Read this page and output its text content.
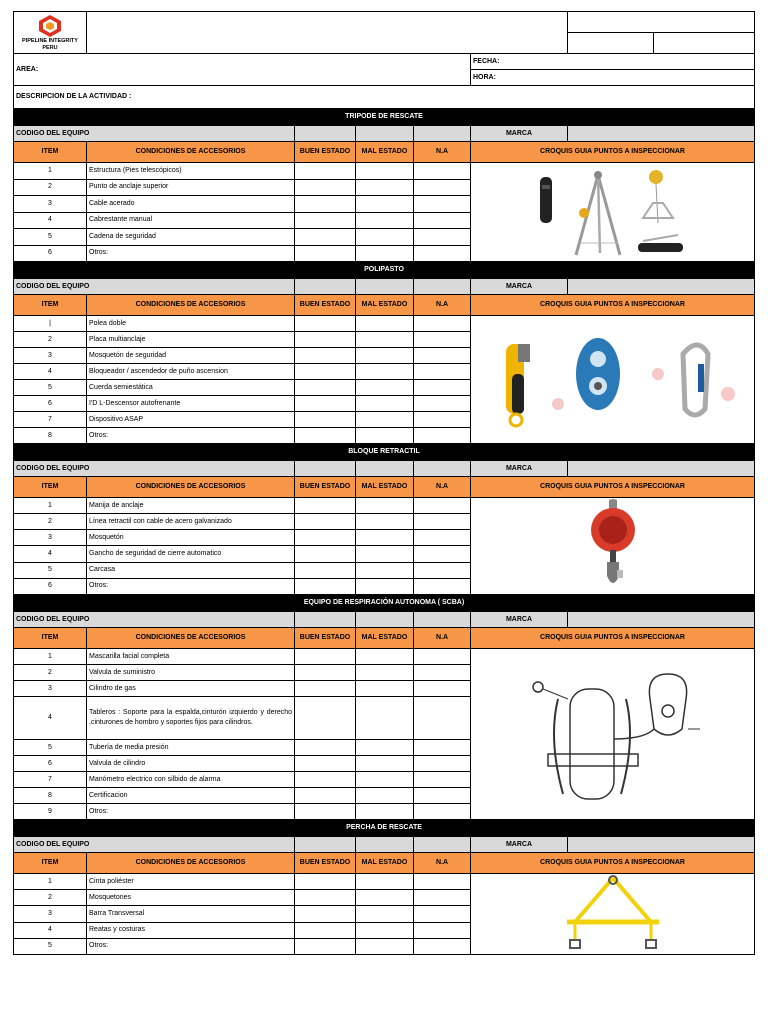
PIPELINE INTEGRITY PERU							

AREA:					FECHA:		
					HORA:		
DESCRIPCION DE LA ACTIVIDAD :							
TRIPODE DE RESCATE							
CODIGO DEL EQUIPO					MARCA		
ITEM	CONDICIONES DE ACCESORIOS	BUEN ESTADO	MAL ESTADO	N.A	CROQUIS GUIA PUNTOS A INSPECCIONAR		
1	Estructura (Pies telescópicos)				

2	Punto de anclaje superior						
3	Cable acerado						
4	Cabrestante manual						
5	Cadena de seguridad						
6	Otros:						
POLIPASTO							
CODIGO DEL EQUIPO					MARCA		
ITEM	CONDICIONES DE ACCESORIOS	BUEN ESTADO	MAL ESTADO	N.A	CROQUIS GUIA PUNTOS A INSPECCIONAR		
|	Polea doble				

2	Placa multianclaje						
3	Mosquetón de seguridad						
4	Bloqueador / ascendedor de puño ascension						
5	Cuerda semiestática						
6	I'D L-Descensor autofrenante						
7	Dispositivo ASAP						
8	Otros:						
BLOQUE RETRACTIL							
CODIGO DEL EQUIPO					MARCA		
ITEM	CONDICIONES DE ACCESORIOS	BUEN ESTADO	MAL ESTADO	N.A	CROQUIS GUIA PUNTOS A INSPECCIONAR		
1	Manija de anclaje				

2	Línea retractil con cable de acero galvanizado						
3	Mosquetón						
4	Gancho de seguridad de cierre automatico						
5	Carcasa						
6	Otros:						
EQUIPO DE RESPIRACIÓN AUTONOMA ( SCBA)							
CODIGO DEL EQUIPO					MARCA		
ITEM	CONDICIONES DE ACCESORIOS	BUEN ESTADO	MAL ESTADO	N.A	CROQUIS GUIA PUNTOS A INSPECCIONAR		
1	Mascarilla facial completa				

2	Valvula de suministro						
3	Cilindro de gas						
4	Tableros : Soporte para la espalda,cinturón izquierdo y derecho ,cinturones de hombro y soportes fijos para cilindros.						
5	Tubería de media presión						
6	Valvula de cilindro						
7	Manómetro electrico con silbido de alarma						
8	Certificacion						
9	Otros:						
PERCHA DE RESCATE							
CODIGO DEL EQUIPO					MARCA		
ITEM	CONDICIONES DE ACCESORIOS	BUEN ESTADO	MAL ESTADO	N.A	CROQUIS GUIA PUNTOS A INSPECCIONAR		
1	Cinta poliéster				

2	Mosquetones						
3	Barra Transversal						
4	Reatas y costuras						
5	Otros:						
